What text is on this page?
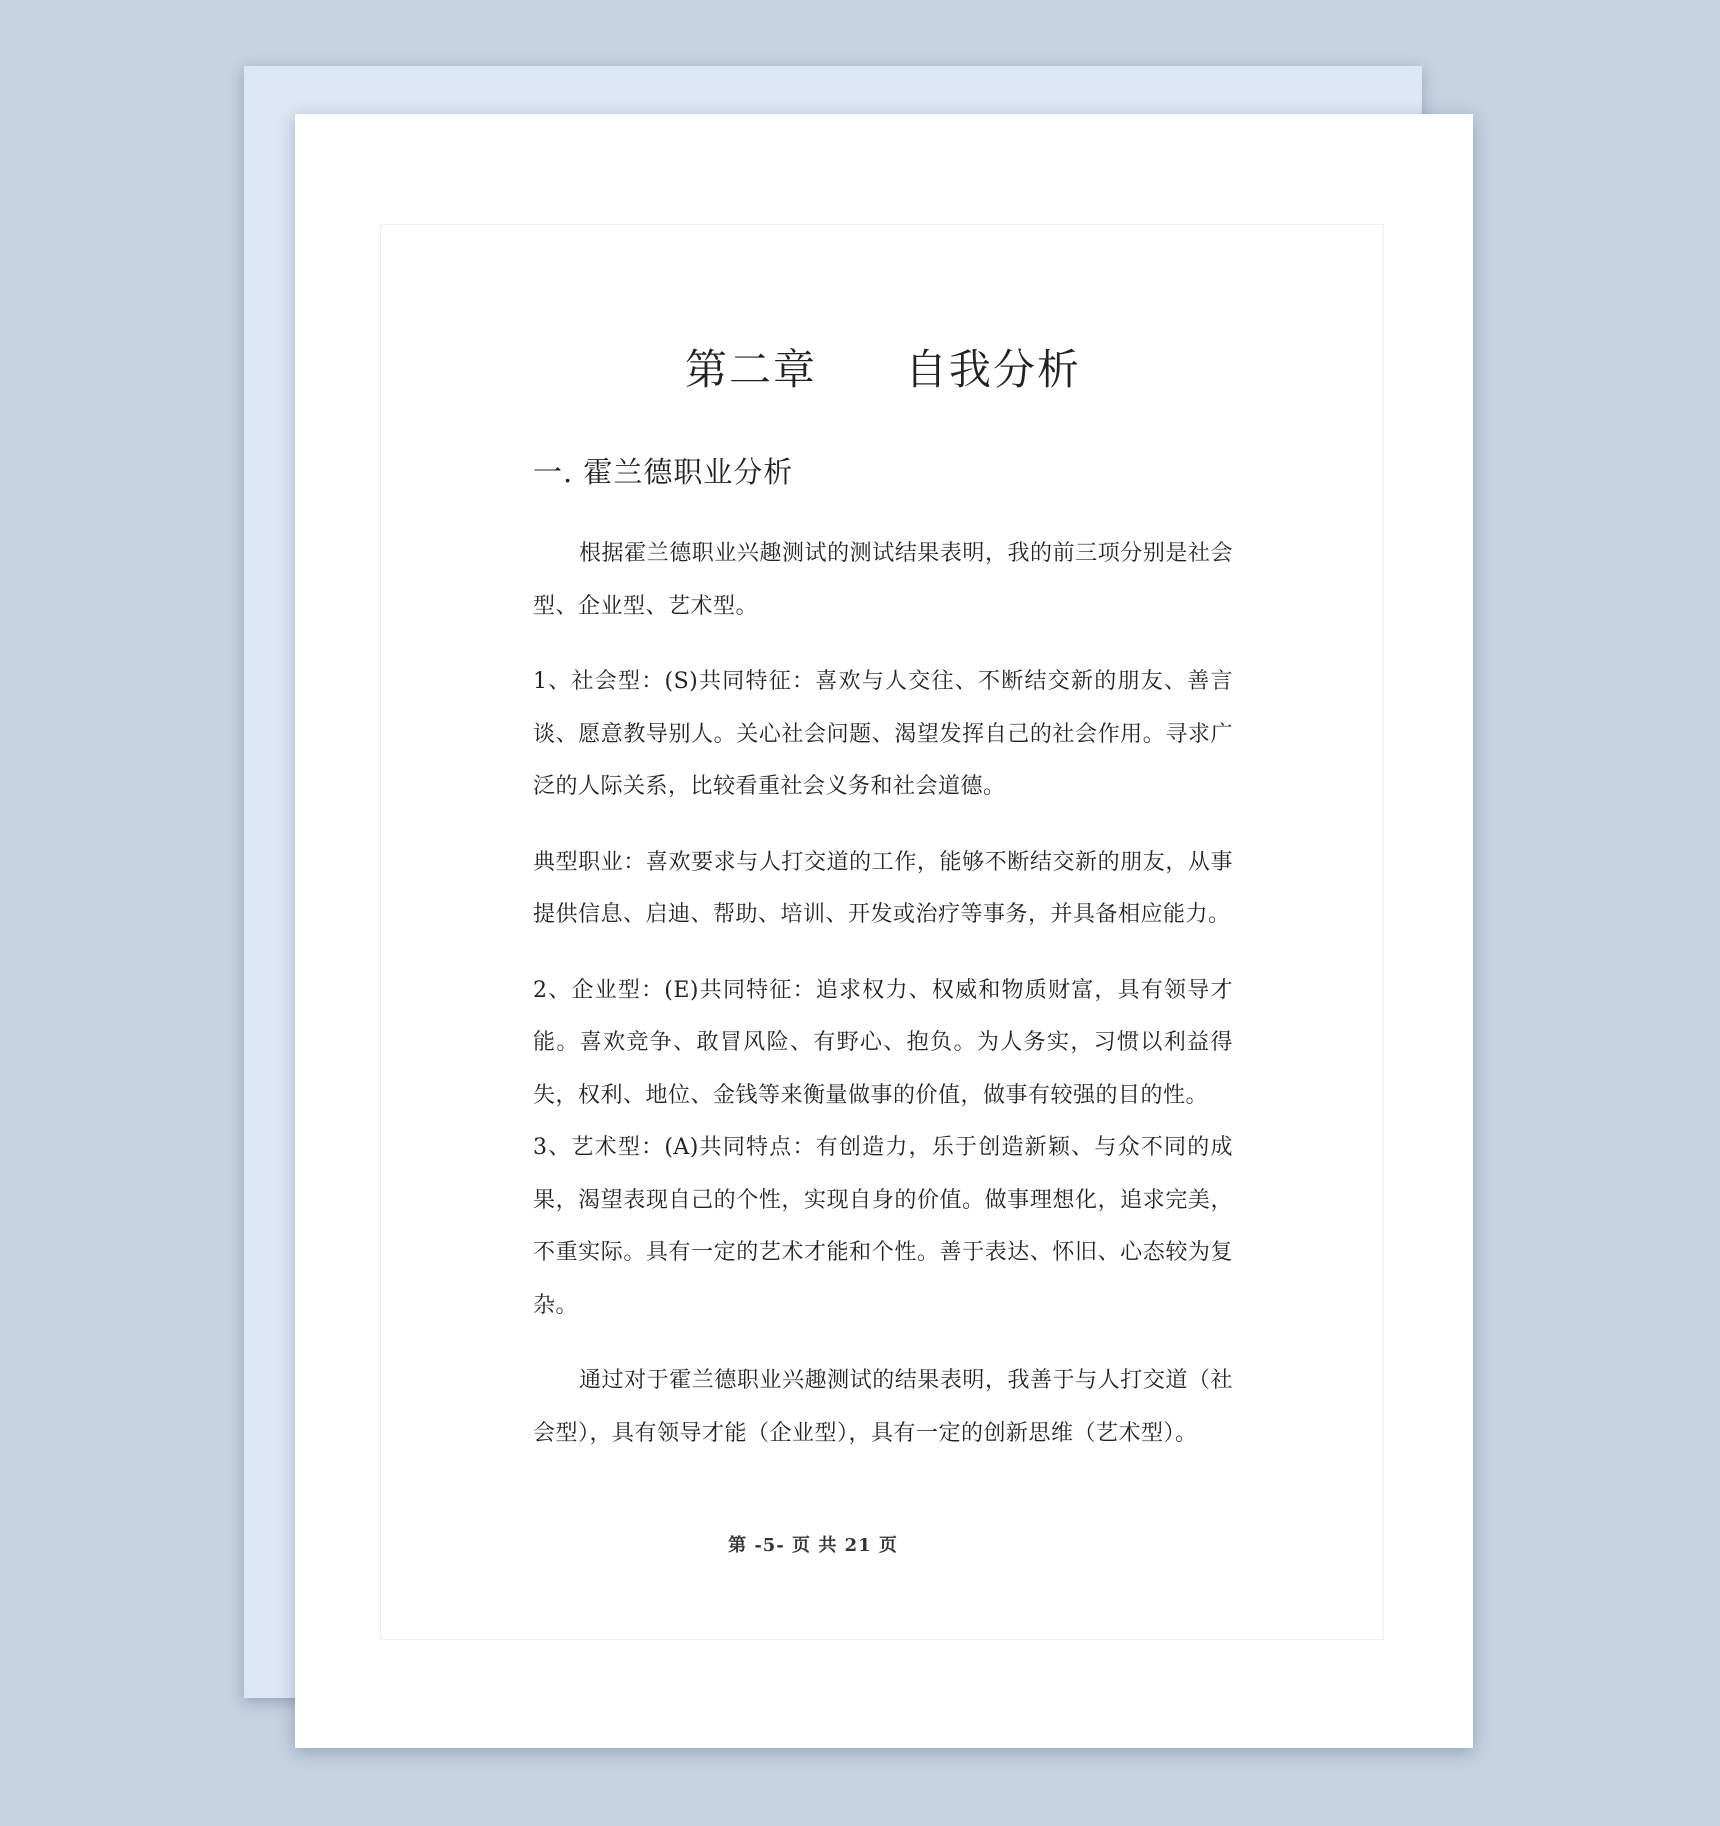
第二章　　自我分析
一. 霍兰德职业分析

根据霍兰德职业兴趣测试的测试结果表明，我的前三项分别是社会型、企业型、艺术型。

1、社会型：(S)共同特征：喜欢与人交往、不断结交新的朋友、善言谈、愿意教导别人。关心社会问题、渴望发挥自己的社会作用。寻求广泛的人际关系，比较看重社会义务和社会道德。

典型职业：喜欢要求与人打交道的工作，能够不断结交新的朋友，从事提供信息、启迪、帮助、培训、开发或治疗等事务，并具备相应能力。

2、企业型：(E)共同特征：追求权力、权威和物质财富，具有领导才能。喜欢竞争、敢冒风险、有野心、抱负。为人务实，习惯以利益得失，权利、地位、金钱等来衡量做事的价值，做事有较强的目的性。

3、艺术型：(A)共同特点：有创造力，乐于创造新颖、与众不同的成果，渴望表现自己的个性，实现自身的价值。做事理想化，追求完美，不重实际。具有一定的艺术才能和个性。善于表达、怀旧、心态较为复杂。

通过对于霍兰德职业兴趣测试的结果表明，我善于与人打交道（社会型），具有领导才能（企业型），具有一定的创新思维（艺术型）。

第 -5- 页 共 21 页
